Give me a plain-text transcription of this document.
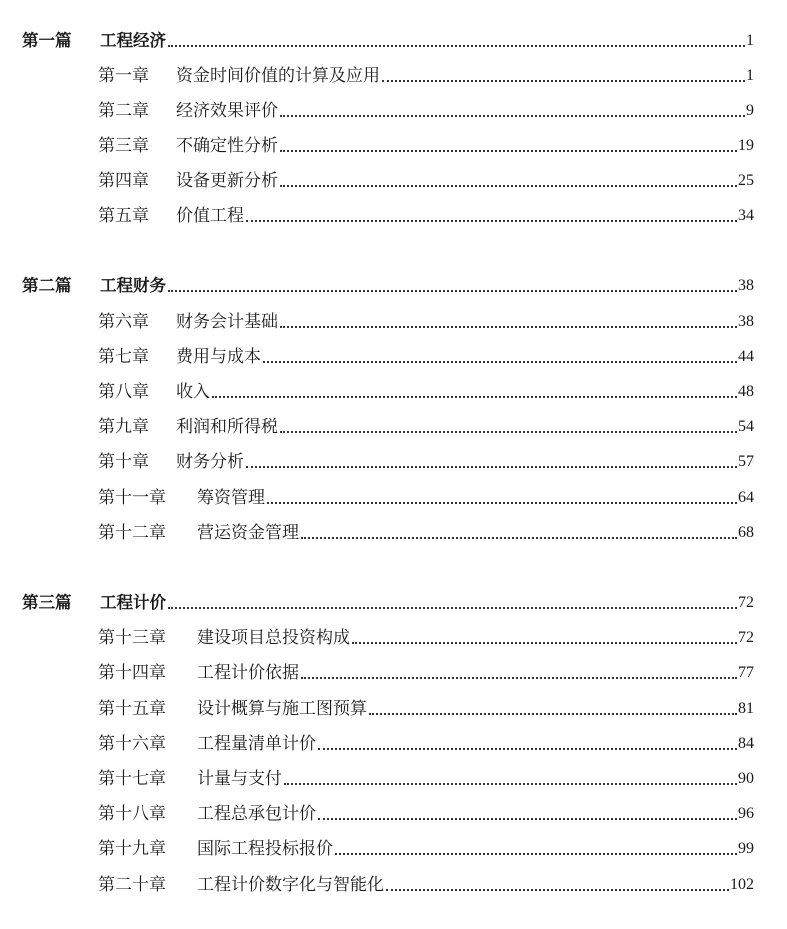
第一篇	工程经济	1
第一章	资金时间价值的计算及应用	1
第二章	经济效果评价	9
第三章	不确定性分析	19
第四章	设备更新分析	25
第五章	价值工程	34
第二篇	工程财务	38
第六章	财务会计基础	38
第七章	费用与成本	44
第八章	收入	48
第九章	利润和所得税	54
第十章	财务分析	57
第十一章	筹资管理	64
第十二章	营运资金管理	68
第三篇	工程计价	72
第十三章	建设项目总投资构成	72
第十四章	工程计价依据	77
第十五章	设计概算与施工图预算	81
第十六章	工程量清单计价	84
第十七章	计量与支付	90
第十八章	工程总承包计价	96
第十九章	国际工程投标报价	99
第二十章	工程计价数字化与智能化	102
